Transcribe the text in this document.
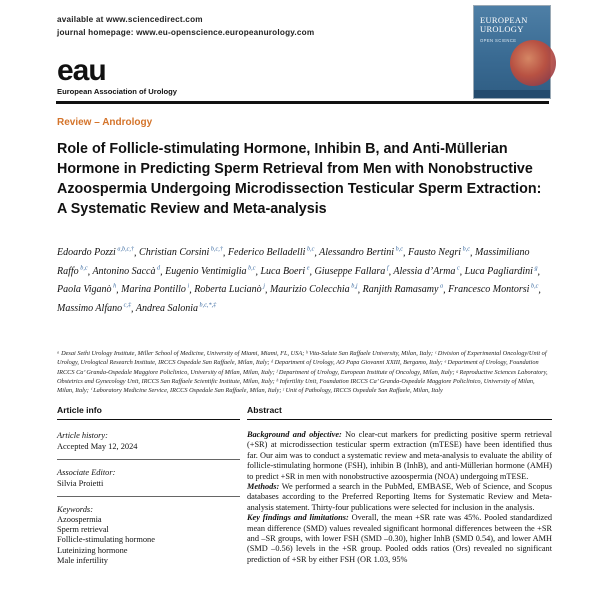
available at www.sciencedirect.com
journal homepage: www.eu-openscience.europeanurology.com
eau
European Association of Urology
EUROPEAN
UROLOGY
OPEN SCIENCE
Review – Andrology
Role of Follicle-stimulating Hormone, Inhibin B, and Anti-Müllerian Hormone in Predicting Sperm Retrieval from Men with Nonobstructive Azoospermia Undergoing Microdissection Testicular Sperm Extraction: A Systematic Review and Meta-analysis
Edoardo Pozzi $^{a,b,c,\dagger}$, Christian Corsini $^{b,c,\dagger}$, Federico Belladelli $^{b,c}$, Alessandro Bertini $^{b,c}$, Fausto Negri $^{b,c}$, Massimiliano Raffo $^{b,c}$, Antonino Saccà $^d$, Eugenio Ventimiglia $^{b,c}$, Luca Boeri $^e$, Giuseppe Fallara $^f$, Alessia d’Arma $^c$, Luca Pagliardini $^g$, Paola Viganò $^h$, Marina Pontillo $^i$, Roberta Lucianò $^j$, Maurizio Colecchia $^{b,j}$, Ranjith Ramasamy $^a$, Francesco Montorsi $^{b,c}$, Massimo Alfano $^{c,\ddagger}$, Andrea Salonia $^{b,c,*,\ddagger}$
ᵃ Desai Sethi Urology Institute, Miller School of Medicine, University of Miami, Miami, FL, USA; ᵇ Vita-Salute San Raffaele University, Milan, Italy; ᶜ Division of Experimental Oncology/Unit of Urology, Urological Research Institute, IRCCS Ospedale San Raffaele, Milan, Italy; ᵈ Department of Urology, AO Papa Giovanni XXIII, Bergamo, Italy; ᵉ Department of Urology, Foundation IRCCS Ca’ Granda-Ospedale Maggiore Policlinico, University of Milan, Milan, Italy; ᶠ Department of Urology, European Institute of Oncology, Milan, Italy; ᵍ Reproductive Sciences Laboratory, Obstetrics and Gynecology Unit, IRCCS San Raffaele Scientific Institute, Milan, Italy; ʰ Infertility Unit, Foundation IRCCS Ca’ Granda-Ospedale Maggiore Policlinico, University of Milan, Milan, Italy; ⁱ Laboratory Medicine Service, IRCCS Ospedale San Raffaele, Milan, Italy; ʲ Unit of Pathology, IRCCS Ospedale San Raffaele, Milan, Italy
Article info
Article history:
Accepted May 12, 2024
Associate Editor:
Silvia Proietti
Keywords:
Azoospermia
Sperm retrieval
Follicle-stimulating hormone
Luteinizing hormone
Male infertility
Abstract

Background and objective: No clear-cut markers for predicting positive sperm retrieval (+SR) at microdissection testicular sperm extraction (mTESE) have been identified thus far. Our aim was to conduct a systematic review and meta-analysis to evaluate the ability of follicle-stimulating hormone (FSH), inhibin B (InhB), and anti-Müllerian hormone (AMH) to predict +SR in men with nonobstructive azoospermia (NOA) undergoing mTESE.

Methods: We performed a search in the PubMed, EMBASE, Web of Science, and Scopus databases according to the Preferred Reporting Items for Systematic Review and Meta-analysis statement. Thirty-four publications were selected for inclusion in the analysis.

Key findings and limitations: Overall, the mean +SR rate was 45%. Pooled standardized mean difference (SMD) values revealed significant hormonal differences between the +SR and –SR groups, with lower FSH (SMD –0.30), higher InhB (SMD 0.54), and lower AMH (SMD –0.56) levels in the +SR group. Pooled odds ratios (Ors) revealed no significant prediction of +SR by either FSH (OR 1.03, 95%
